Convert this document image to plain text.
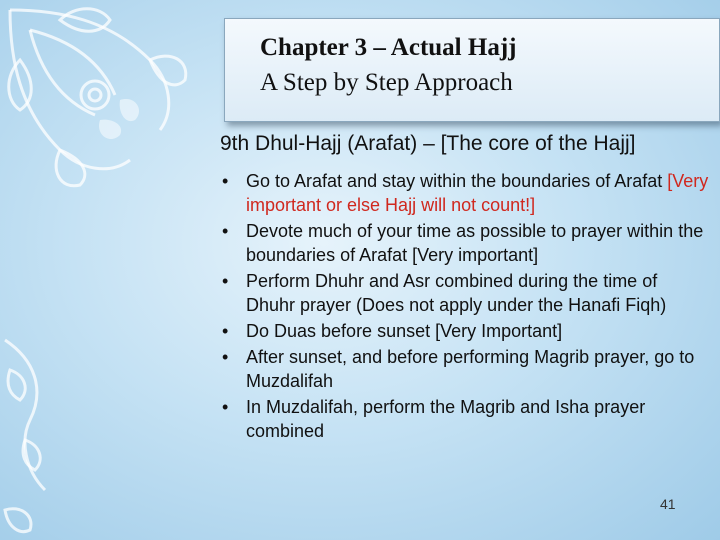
Chapter 3 – Actual Hajj
A Step by Step Approach

9th Dhul-Hajj (Arafat) – [The core of the Hajj]

• Go to Arafat and stay within the boundaries of Arafat [Very important or else Hajj will not count!]
• Devote much of your time as possible to prayer within the boundaries of Arafat [Very important]
• Perform Dhuhr and Asr combined during the time of Dhuhr prayer (Does not apply under the Hanafi Fiqh)
• Do Duas before sunset [Very Important]
• After sunset, and before performing Magrib prayer, go to Muzdalifah
• In Muzdalifah, perform the Magrib and Isha prayer combined
41
